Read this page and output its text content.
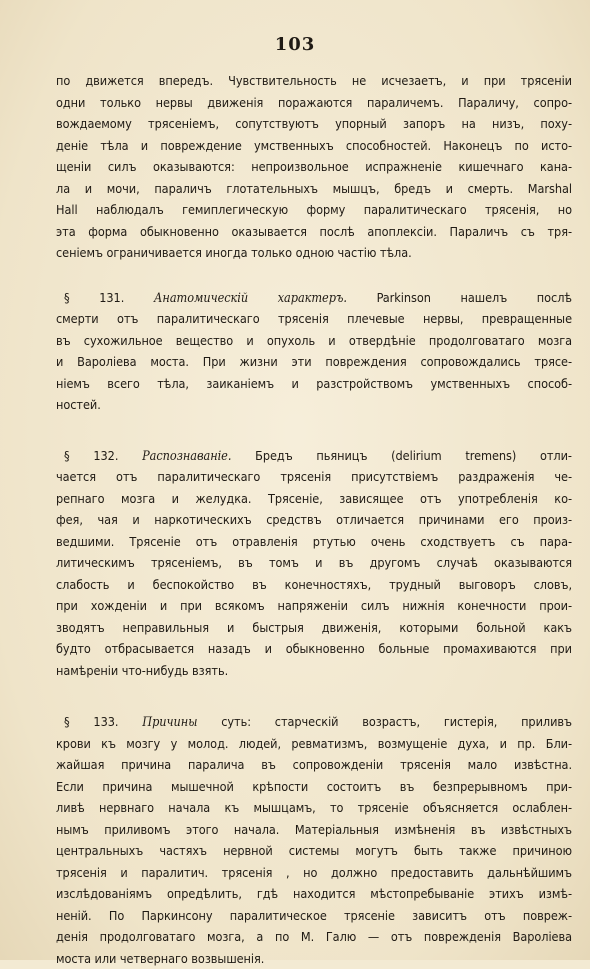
103
по движется впередъ. Чувствительность не исчезаетъ, и при трясеніи
одни только нервы движенія поражаются параличемъ. Параличу, сопро-
вождаемому трясеніемъ, сопутствуютъ упорный запоръ на низъ, поху-
деніе тѣла и повреждение умственныхъ способностей. Наконецъ по исто-
щеніи силъ оказываются: непроизвольное испражненіе кишечнаго канa-
ла и мочи, параличъ глотательныхъ мышцъ, бредъ и смерть. Marshal
Hall наблюдалъ гемиплегическую форму паралитическаго трясенія, но
эта форма обыкновенно оказывается послѣ апоплексіи. Параличъ съ тря-
сеніемъ ограничивается иногда только одною частію тѣла.
§ 131. Анатомическій характеръ. Parkinson нашелъ послѣ
смерти отъ паралитическаго трясенія плечевые нервы, превращенные
въ сухожильное вещество и опухоль и отвердѣніе продолговатаго мозга
и Вароліева моста. При жизни эти повреждения сопровождались трясе-
ніемъ всего тѣла, заиканіемъ и разстройствомъ умственныхъ способ-
ностей.
§ 132. Распознаваніе. Бредъ пьяницъ (delirium tremens) отли-
чается отъ паралитическаго трясенія присутствіемъ раздраженія че-
репнаго мозга и желудка. Трясеніе, зависящее отъ употребленія ко-
фея, чая и наркотическихъ средствъ отличается причинами его произ-
ведшими. Трясеніе отъ отравленія ртутью очень сходствуетъ съ пара-
литическимъ трясеніемъ, въ томъ и въ другомъ случаѣ оказываются
слабость и беспокойство въ конечностяхъ, трудный выговоръ словъ,
при хожденіи и при всякомъ напряженіи силъ нижнія конечности прои-
зводятъ неправильныя и быстрыя движенія, которыми больной какъ
будто отбрасывается назадъ и обыкновенно больные промахиваются при
намѣреніи что-нибудь взять.
§ 133. Причины суть: старческій возрастъ, гистерія, приливъ
крови къ мозгу у молод. людей, ревматизмъ, возмущеніе духа, и пр. Бли-
жайшая причина паралича въ сопровожденіи трясенія мало извѣстна.
Если причина мышечной крѣпости состоитъ въ безпрерывномъ при-
ливѣ нервнаго начала къ мышцамъ, то трясеніе объясняется ослаблен-
нымъ приливомъ этого начала. Матеріальныя измѣненія въ извѣстныхъ
центральныхъ частяхъ нервной системы могутъ быть также причиною
трясенія и паралитич. трясенія , но должно предоставить дальнѣйшимъ
изслѣдованіямъ опредѣлить, гдѣ находится мѣстопребываніе этихъ измѣ-
неній. По Паркинсону паралитическое трясеніе зависитъ отъ повреж-
денія продолговатаго мозга, а по М. Галю — отъ поврежденія Вароліева
моста или четвернаго возвышенія.
